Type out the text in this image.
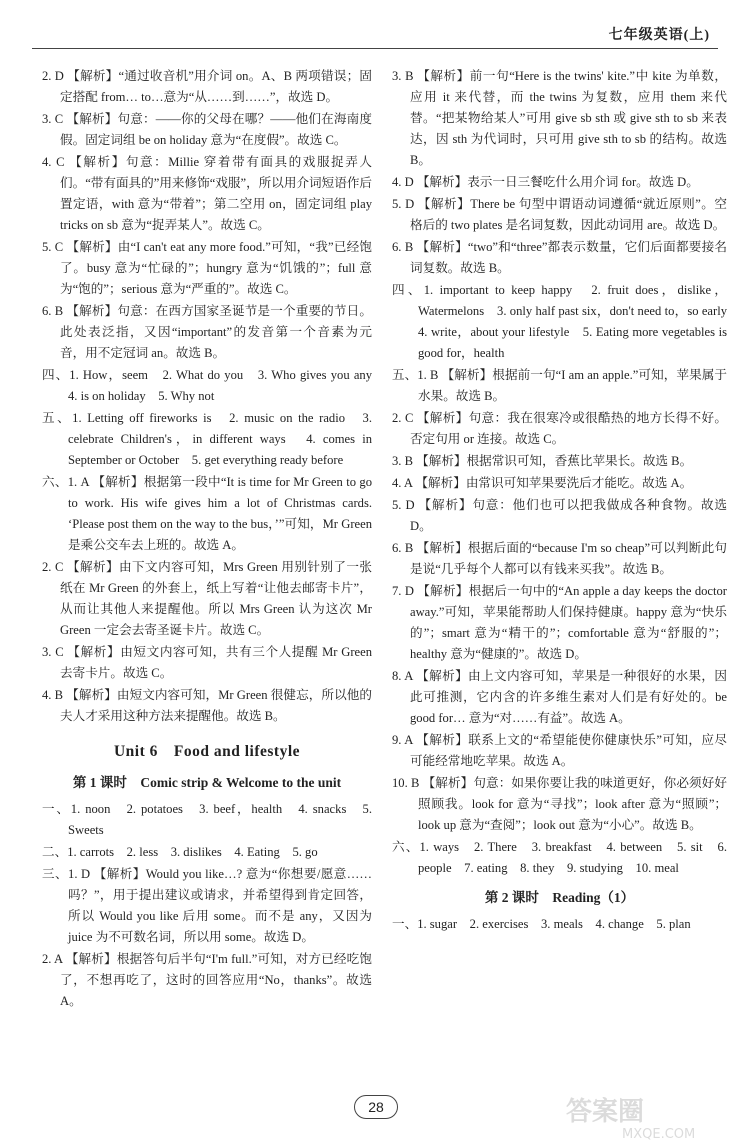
七年级英语(上)
2. D 【解析】“通过收音机”用介词 on。A、B 两项错误；固定搭配 from… to…意为“从……到……”，故选 D。
3. C 【解析】句意：——你的父母在哪？——他们在海南度假。固定词组 be on holiday 意为“在度假”。故选 C。
4. C 【解析】句意：Millie 穿着带有面具的戏服捉弄人们。“带有面具的”用来修饰“戏服”，所以用介词短语作后置定语，with 意为“带着”；第二空用 on，固定词组 play tricks on sb 意为“捉弄某人”。故选 C。
5. C 【解析】由“I can't eat any more food.”可知，“我”已经饱了。busy 意为“忙碌的”；hungry 意为“饥饿的”；full 意为“饱的”；serious 意为“严重的”。故选 C。
6. B 【解析】句意：在西方国家圣诞节是一个重要的节日。此处表泛指，又因“important”的发音第一个音素为元音，用不定冠词 an。故选 B。
四、1. How，seem　2. What do you　3. Who gives you any　4. is on holiday　5. Why not
五、1. Letting off fireworks is　2. music on the radio　3. celebrate Children's，in different ways　4. comes in September or October　5. get everything ready before
六、1. A 【解析】根据第一段中“It is time for Mr Green to go to work. His wife gives him a lot of Christmas cards. ‘Please post them on the way to the bus，’”可知，Mr Green 是乘公交车去上班的。故选 A。
2. C 【解析】由下文内容可知，Mrs Green 用别针别了一张纸在 Mr Green 的外套上，纸上写着“让他去邮寄卡片”，从而让其他人来提醒他。所以 Mrs Green 认为这次 Mr Green 一定会去寄圣诞卡片。故选 C。
3. C 【解析】由短文内容可知，共有三个人提醒 Mr Green 去寄卡片。故选 C。
4. B 【解析】由短文内容可知，Mr Green 很健忘，所以他的夫人才采用这种方法来提醒他。故选 B。
Unit 6　Food and lifestyle
第 1 课时　Comic strip & Welcome to the unit
一、1. noon　2. potatoes　3. beef，health　4. snacks　5. Sweets
二、1. carrots　2. less　3. dislikes　4. Eating　5. go
三、1. D 【解析】Would you like…? 意为“你想要/愿意……吗？”，用于提出建议或请求，并希望得到肯定回答，所以 Would you like 后用 some。而不是 any，又因为 juice 为不可数名词，所以用 some。故选 D。
2. A 【解析】根据答句后半句“I'm full.”可知，对方已经吃饱了，不想再吃了，这时的回答应用“No，thanks”。故选 A。
3. B 【解析】前一句“Here is the twins' kite.”中 kite 为单数，应用 it 来代替，而 the twins 为复数，应用 them 来代替。“把某物给某人”可用 give sb sth 或 give sth to sb 来表达，因 sth 为代词时，只可用 give sth to sb 的结构。故选 B。
4. D 【解析】表示一日三餐吃什么用介词 for。故选 D。
5. D 【解析】There be 句型中谓语动词遵循“就近原则”。空格后的 two plates 是名词复数，因此动词用 are。故选 D。
6. B 【解析】“two”和“three”都表示数量，它们后面都要接名词复数。故选 B。
四、1. important to keep happy　2. fruit does，dislike，Watermelons　3. only half past six，don't need to，so early　4. write，about your lifestyle　5. Eating more vegetables is good for，health
五、1. B 【解析】根据前一句“I am an apple.”可知，苹果属于水果。故选 B。
2. C 【解析】句意：我在很寒冷或很酷热的地方长得不好。否定句用 or 连接。故选 C。
3. B 【解析】根据常识可知，香蕉比苹果长。故选 B。
4. A 【解析】由常识可知苹果要洗后才能吃。故选 A。
5. D 【解析】句意：他们也可以把我做成各种食物。故选 D。
6. B 【解析】根据后面的“because I'm so cheap”可以判断此句是说“几乎每个人都可以有钱来买我”。故选 B。
7. D 【解析】根据后一句中的“An apple a day keeps the doctor away.”可知，苹果能帮助人们保持健康。happy 意为“快乐的”；smart 意为“精干的”；comfortable 意为“舒服的”；healthy 意为“健康的”。故选 D。
8. A 【解析】由上文内容可知，苹果是一种很好的水果，因此可推测，它内含的许多维生素对人们是有好处的。be good for… 意为“对……有益”。故选 A。
9. A 【解析】联系上文的“希望能使你健康快乐”可知，应尽可能经常地吃苹果。故选 A。
10. B 【解析】句意：如果你要让我的味道更好，你必须好好照顾我。look for 意为“寻找”；look after 意为“照顾”；look up 意为“查阅”；look out 意为“小心”。故选 B。
六、1. ways　2. There　3. breakfast　4. between　5. sit　6. people　7. eating　8. they　9. studying　10. meal
第 2 课时　Reading（1）
一、1. sugar　2. exercises　3. meals　4. change　5. plan
28	答案圈
MXQE.COM
